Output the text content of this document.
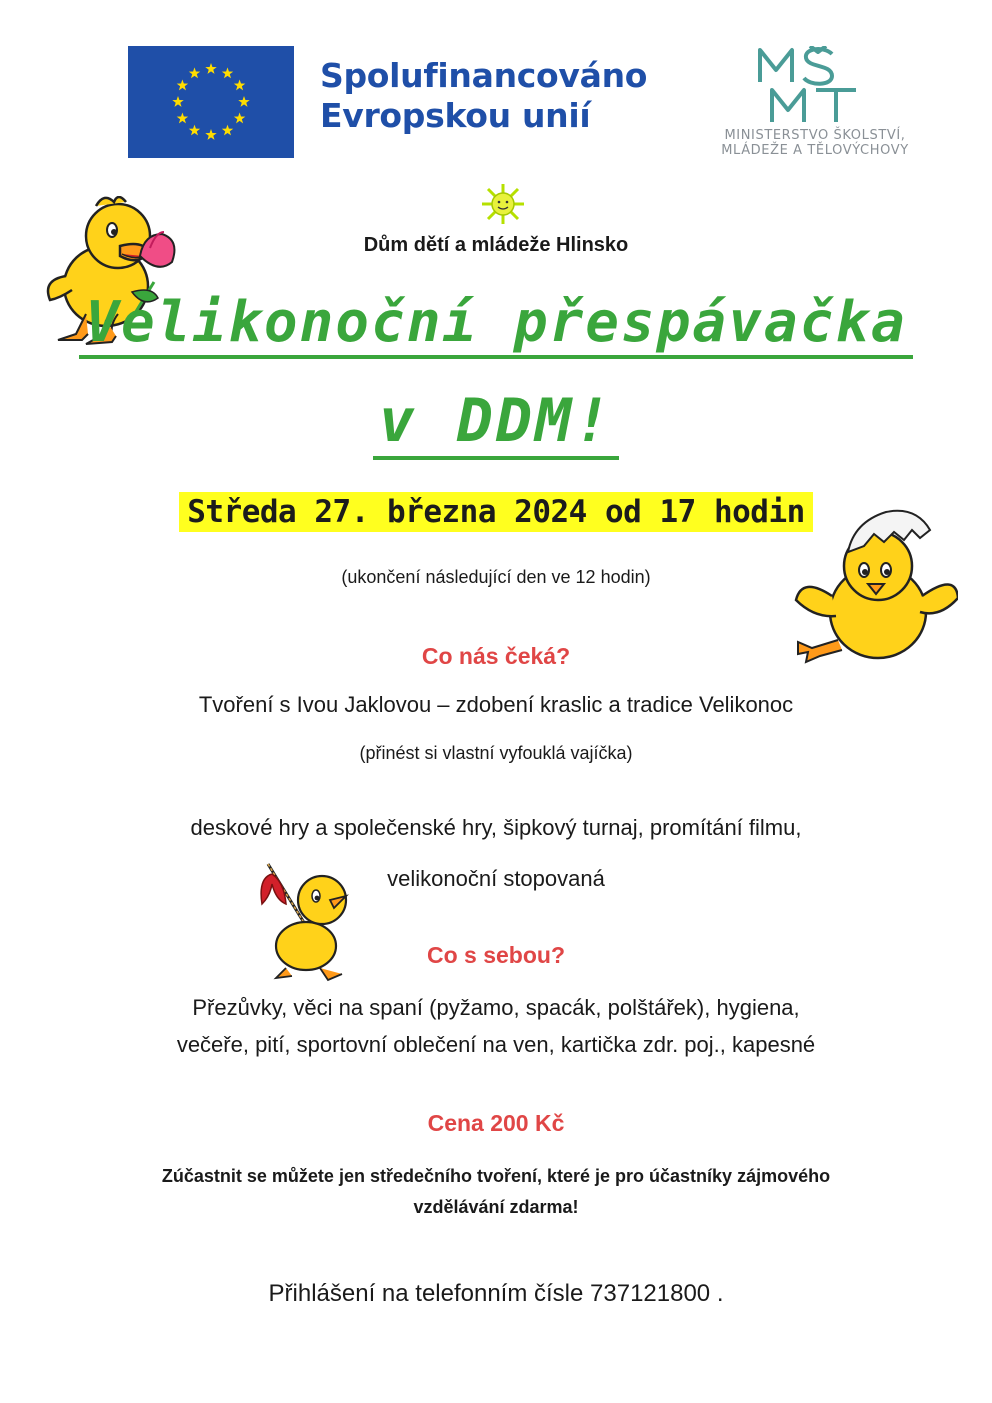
Spolufinancováno
Evropskou unií
MINISTERSTVO ŠKOLSTVÍ,
MLÁDEŽE A TĚLOVÝCHOVY
Dům dětí a mládeže Hlinsko
Velikonoční přespávačka
v DDM!
Středa 27. března 2024 od 17 hodin
(ukončení následující den ve 12 hodin)
Co nás čeká?
Tvoření s Ivou Jaklovou – zdobení kraslic a tradice Velikonoc
(přinést si vlastní vyfouklá vajíčka)
deskové hry a společenské hry, šipkový turnaj, promítání filmu,
velikonoční stopovaná
Co s sebou?
Přezůvky, věci na spaní (pyžamo, spacák, polštářek), hygiena,
večeře, pití, sportovní oblečení na ven, kartička zdr. poj., kapesné
Cena 200 Kč
Zúčastnit se můžete jen středečního tvoření, které je pro účastníky zájmového
vzdělávání zdarma!
Přihlášení na telefonním čísle 737121800 .
